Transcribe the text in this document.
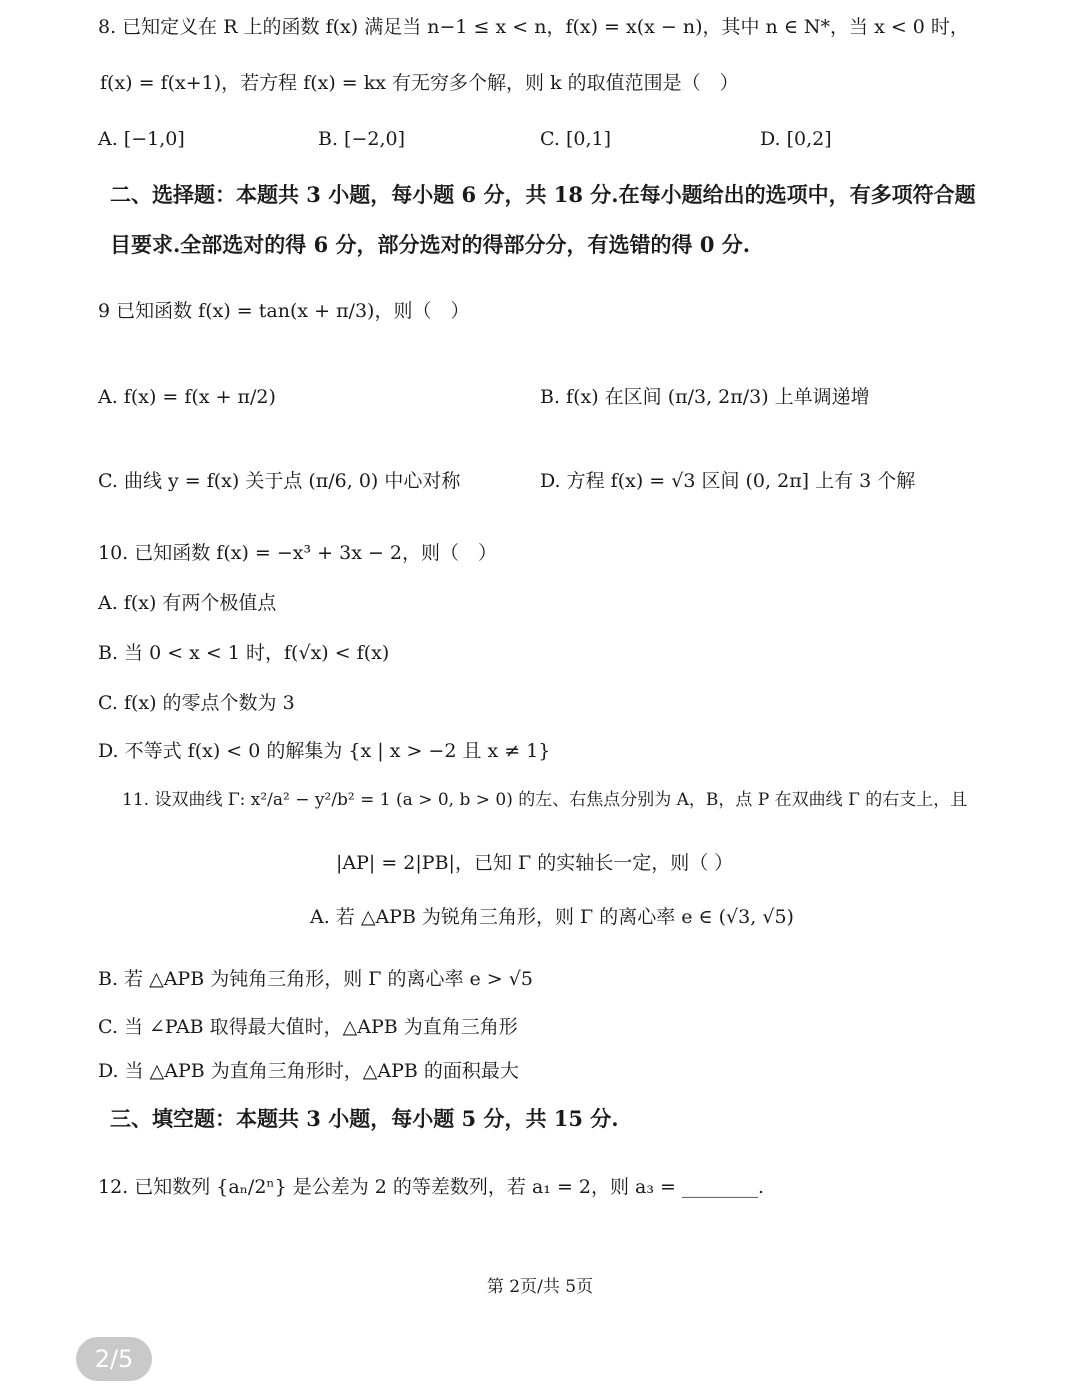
8. 已知定义在 R 上的函数 f(x) 满足当 n−1 ≤ x < n，f(x) = x(x − n)，其中 n ∈ N*，当 x < 0 时，
f(x) = f(x+1)，若方程 f(x) = kx 有无穷多个解，则 k 的取值范围是（　）
A. [−1,0]	B. [−2,0]	C. [0,1]	D. [0,2]
二、选择题：本题共 3 小题，每小题 6 分，共 18 分.在每小题给出的选项中，有多项符合题
目要求.全部选对的得 6 分，部分选对的得部分分，有选错的得 0 分.
9 已知函数 f(x) = tan(x + π/3)，则（　）
A. f(x) = f(x + π/2)	B. f(x) 在区间 (π/3, 2π/3) 上单调递增
C. 曲线 y = f(x) 关于点 (π/6, 0) 中心对称	D. 方程 f(x) = √3 区间 (0, 2π] 上有 3 个解
10. 已知函数 f(x) = −x³ + 3x − 2，则（　）
A. f(x) 有两个极值点
B. 当 0 < x < 1 时，f(√x) < f(x)
C. f(x) 的零点个数为 3
D. 不等式 f(x) < 0 的解集为 {x | x > −2 且 x ≠ 1}
11. 设双曲线 Γ: x²/a² − y²/b² = 1 (a > 0, b > 0) 的左、右焦点分别为 A，B，点 P 在双曲线 Γ 的右支上，且
|AP| = 2|PB|，已知 Γ 的实轴长一定，则（ ）
A. 若 △APB 为锐角三角形，则 Γ 的离心率 e ∈ (√3, √5)
B. 若 △APB 为钝角三角形，则 Γ 的离心率 e > √5
C. 当 ∠PAB 取得最大值时，△APB 为直角三角形
D. 当 △APB 为直角三角形时，△APB 的面积最大
三、填空题：本题共 3 小题，每小题 5 分，共 15 分.
12. 已知数列 {aₙ/2ⁿ} 是公差为 2 的等差数列，若 a₁ = 2，则 a₃ = ________.
第 2页/共 5页
2/5
